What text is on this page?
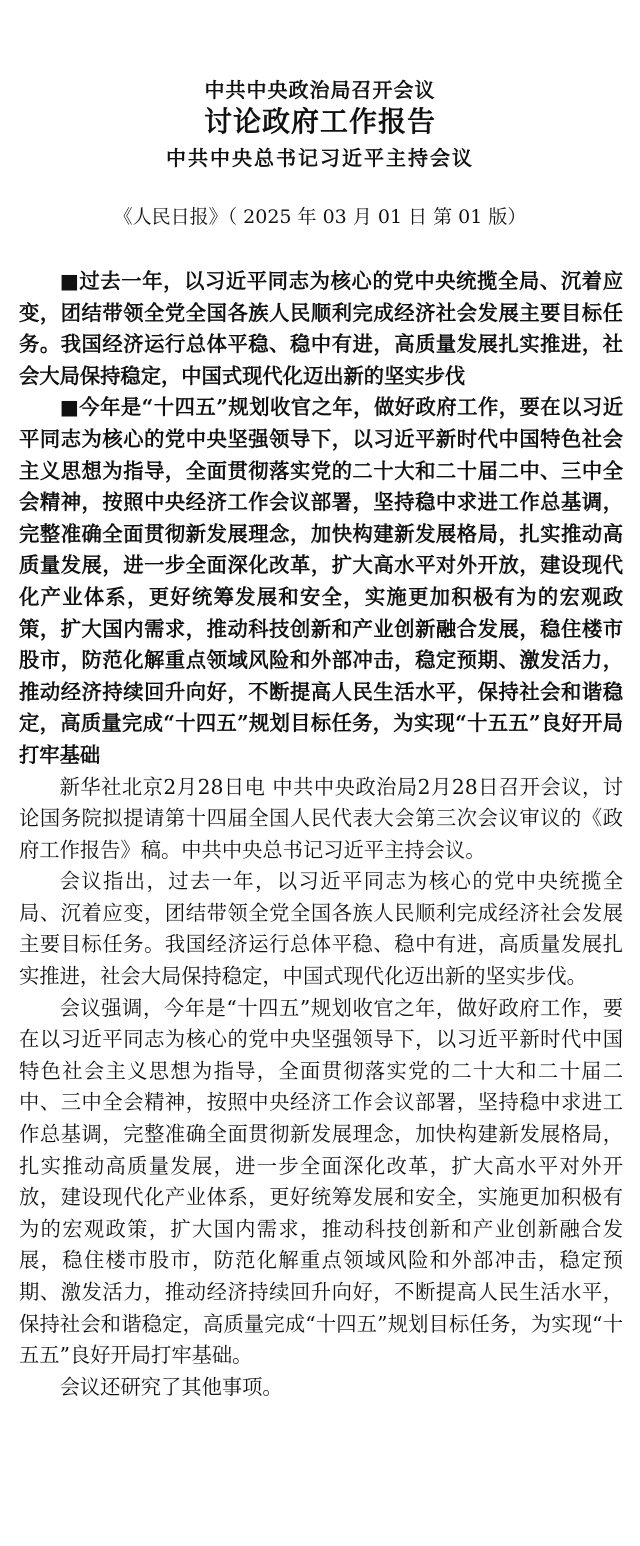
中共中央政治局召开会议
讨论政府工作报告
中共中央总书记习近平主持会议
《人民日报》（ 2025 年 03 月 01 日 第 01 版）

■过去一年，以习近平同志为核心的党中央统揽全局、沉着应变，团结带领全党全国各族人民顺利完成经济社会发展主要目标任务。我国经济运行总体平稳、稳中有进，高质量发展扎实推进，社会大局保持稳定，中国式现代化迈出新的坚实步伐

■今年是“十四五”规划收官之年，做好政府工作，要在以习近平同志为核心的党中央坚强领导下，以习近平新时代中国特色社会主义思想为指导，全面贯彻落实党的二十大和二十届二中、三中全会精神，按照中央经济工作会议部署，坚持稳中求进工作总基调，完整准确全面贯彻新发展理念，加快构建新发展格局，扎实推动高质量发展，进一步全面深化改革，扩大高水平对外开放，建设现代化产业体系，更好统筹发展和安全，实施更加积极有为的宏观政策，扩大国内需求，推动科技创新和产业创新融合发展，稳住楼市股市，防范化解重点领域风险和外部冲击，稳定预期、激发活力，推动经济持续回升向好，不断提高人民生活水平，保持社会和谐稳定，高质量完成“十四五”规划目标任务，为实现“十五五”良好开局打牢基础

新华社北京2月28日电 中共中央政治局2月28日召开会议，讨论国务院拟提请第十四届全国人民代表大会第三次会议审议的《政府工作报告》稿。中共中央总书记习近平主持会议。

会议指出，过去一年，以习近平同志为核心的党中央统揽全局、沉着应变，团结带领全党全国各族人民顺利完成经济社会发展主要目标任务。我国经济运行总体平稳、稳中有进，高质量发展扎实推进，社会大局保持稳定，中国式现代化迈出新的坚实步伐。

会议强调，今年是“十四五”规划收官之年，做好政府工作，要在以习近平同志为核心的党中央坚强领导下，以习近平新时代中国特色社会主义思想为指导，全面贯彻落实党的二十大和二十届二中、三中全会精神，按照中央经济工作会议部署，坚持稳中求进工作总基调，完整准确全面贯彻新发展理念，加快构建新发展格局，扎实推动高质量发展，进一步全面深化改革，扩大高水平对外开放，建设现代化产业体系，更好统筹发展和安全，实施更加积极有为的宏观政策，扩大国内需求，推动科技创新和产业创新融合发展，稳住楼市股市，防范化解重点领域风险和外部冲击，稳定预期、激发活力，推动经济持续回升向好，不断提高人民生活水平，保持社会和谐稳定，高质量完成“十四五”规划目标任务，为实现“十五五”良好开局打牢基础。

会议还研究了其他事项。
